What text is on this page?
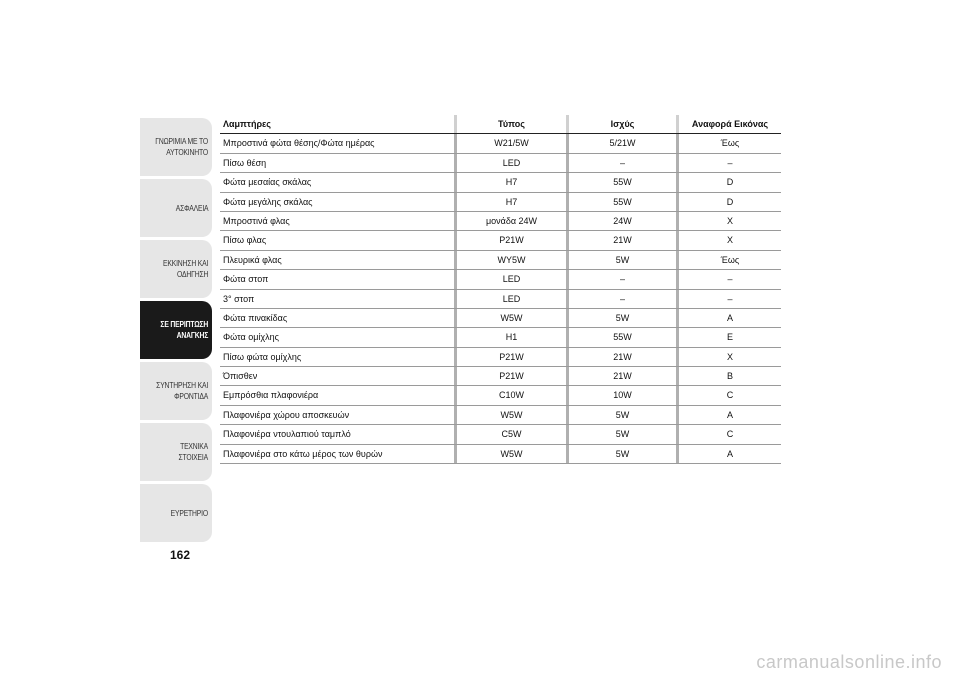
ΓΝΩΡΙΜΙΑ ΜΕ ΤΟ
ΑΥΤΟΚΙΝΗΤΟ
ΑΣΦΑΛΕΙΑ
ΕΚΚΙΝΗΣΗ ΚΑΙ
ΟΔΗΓΗΣΗ
ΣΕ ΠΕΡΙΠΤΩΣΗ
ΑΝΑΓΚΗΣ
ΣΥΝΤΗΡΗΣΗ ΚΑΙ
ΦΡΟΝΤΙΔΑ
ΤΕΧΝΙΚΑ ΣΤΟΙΧΕΙΑ
ΕΥΡΕΤΗΡΙΟ
162
Λαμπτήρες	Τύπος	Ισχύς	Αναφορά Εικόνας
Μπροστινά φώτα θέσης/Φώτα ημέρας	W21/5W	5/21W	Έως
Πίσω θέση	LED	–	–
Φώτα μεσαίας σκάλας	H7	55W	D
Φώτα μεγάλης σκάλας	H7	55W	D
Μπροστινά φλας	μονάδα 24W	24W	X
Πίσω φλας	P21W	21W	X
Πλευρικά φλας	WY5W	5W	Έως
Φώτα στοπ	LED	–	–
3° στοπ	LED	–	–
Φώτα πινακίδας	W5W	5W	A
Φώτα ομίχλης	H1	55W	E
Πίσω φώτα ομίχλης	P21W	21W	X
Όπισθεν	P21W	21W	B
Εμπρόσθια πλαφονιέρα	C10W	10W	C
Πλαφονιέρα χώρου αποσκευών	W5W	5W	A
Πλαφονιέρα ντουλαπιού ταμπλό	C5W	5W	C
Πλαφονιέρα στο κάτω μέρος των θυρών	W5W	5W	A
carmanualsonline.info
